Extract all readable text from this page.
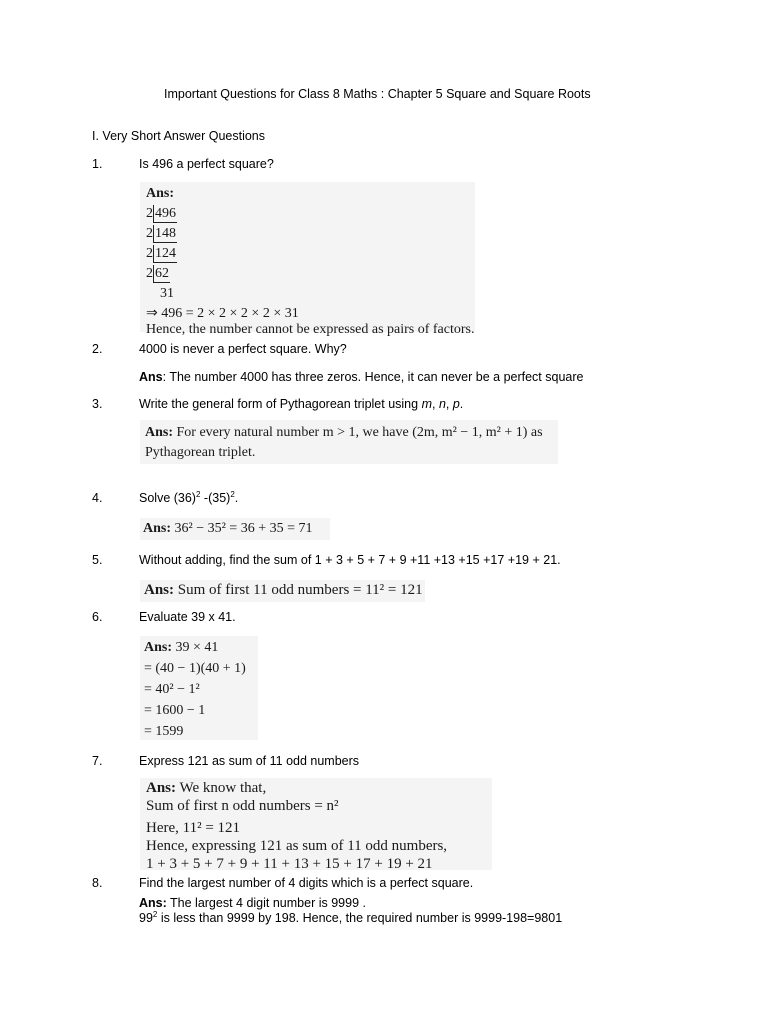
Important Questions for Class 8 Maths : Chapter 5 Square and Square Roots
I. Very Short Answer Questions
1.	Is 496 a perfect square?
Ans:
2 496
2 148
2 124
2 62
31
⇒ 496 = 2 × 2 × 2 × 2 × 31
Hence, the number cannot be expressed as pairs of factors.
2.	4000 is never a perfect square. Why?
Ans: The number 4000 has three zeros. Hence, it can never be a perfect square
3.	Write the general form of Pythagorean triplet using m, n, p.
Ans: For every natural number m > 1, we have (2m, m² − 1, m² + 1) as
Pythagorean triplet.
4.	Solve $(36)^2$ $-(35)^2$.
Ans: 36² − 35² = 36 + 35 = 71
5.	Without adding, find the sum of 1 + 3 + 5 + 7 + 9 +11 +13 +15 +17 +19 + 21.
Ans: Sum of first 11 odd numbers = 11² = 121
6.	Evaluate 39 x 41.
Ans: 39 × 41
= (40 − 1)(40 + 1)
= 40² − 1²
= 1600 − 1
= 1599
7.	Express 121 as sum of 11 odd numbers
Ans: We know that,
Sum of first n odd numbers = n²
Here, 11² = 121
Hence, expressing 121 as sum of 11 odd numbers,
1 + 3 + 5 + 7 + 9 + 11 + 13 + 15 + 17 + 19 + 21
8.	Find the largest number of 4 digits which is a perfect square.
Ans: The largest 4 digit number is 9999 .
$99^2$ is less than 9999 by 198. Hence, the required number is 9999-198=9801
